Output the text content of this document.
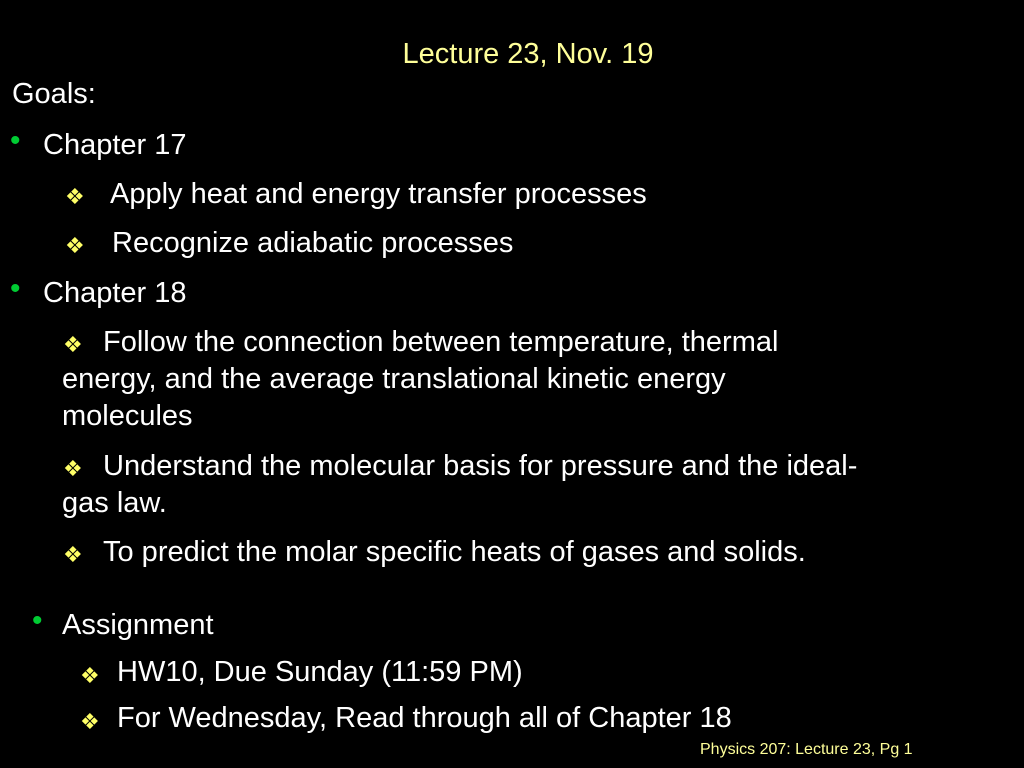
Lecture 23, Nov. 19
Goals:
• Chapter 17
❖ Apply heat and energy transfer processes
❖ Recognize adiabatic processes
• Chapter 18
❖ Follow the connection between temperature, thermal
energy, and the average translational kinetic energy
molecules
❖ Understand the molecular basis for pressure and the ideal-
gas law.
❖ To predict the molar specific heats of gases and solids.
• Assignment
❖ HW10, Due Sunday (11:59 PM)
❖ For Wednesday, Read through all of Chapter 18
Physics 207: Lecture 23, Pg 1
